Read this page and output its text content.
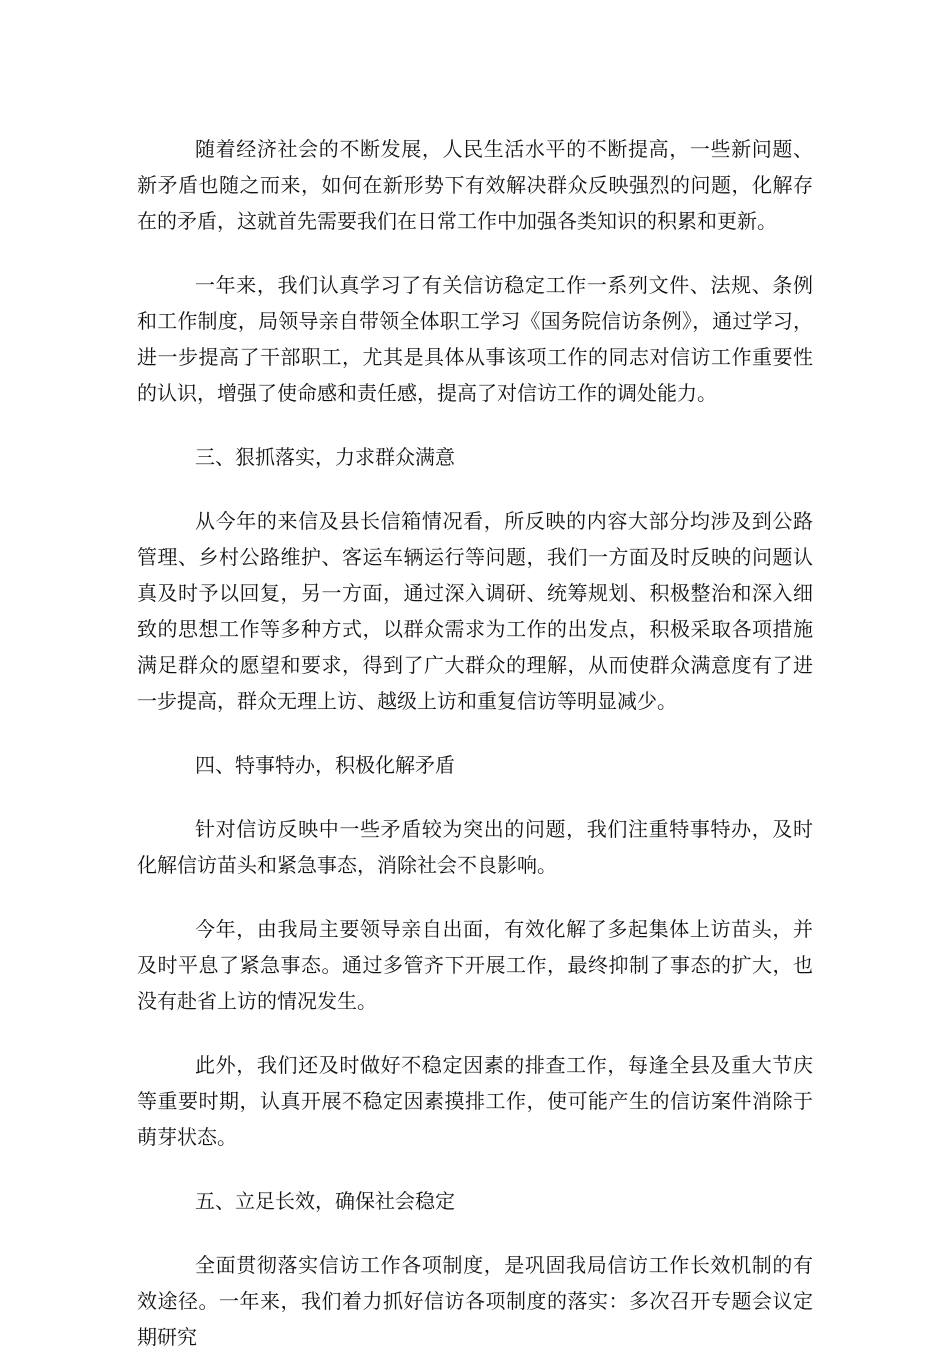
随着经济社会的不断发展，人民生活水平的不断提高，一些新问题、新矛盾也随之而来，如何在新形势下有效解决群众反映强烈的问题，化解存在的矛盾，这就首先需要我们在日常工作中加强各类知识的积累和更新。

一年来，我们认真学习了有关信访稳定工作一系列文件、法规、条例和工作制度，局领导亲自带领全体职工学习《国务院信访条例》，通过学习，进一步提高了干部职工，尤其是具体从事该项工作的同志对信访工作重要性的认识，增强了使命感和责任感，提高了对信访工作的调处能力。

三、狠抓落实，力求群众满意

从今年的来信及县长信箱情况看，所反映的内容大部分均涉及到公路管理、乡村公路维护、客运车辆运行等问题，我们一方面及时反映的问题认真及时予以回复，另一方面，通过深入调研、统筹规划、积极整治和深入细致的思想工作等多种方式，以群众需求为工作的出发点，积极采取各项措施满足群众的愿望和要求，得到了广大群众的理解，从而使群众满意度有了进一步提高，群众无理上访、越级上访和重复信访等明显减少。

四、特事特办，积极化解矛盾

针对信访反映中一些矛盾较为突出的问题，我们注重特事特办，及时化解信访苗头和紧急事态，消除社会不良影响。

今年，由我局主要领导亲自出面，有效化解了多起集体上访苗头，并及时平息了紧急事态。通过多管齐下开展工作，最终抑制了事态的扩大，也没有赴省上访的情况发生。

此外，我们还及时做好不稳定因素的排查工作，每逢全县及重大节庆等重要时期，认真开展不稳定因素摸排工作，使可能产生的信访案件消除于萌芽状态。

五、立足长效，确保社会稳定

全面贯彻落实信访工作各项制度，是巩固我局信访工作长效机制的有效途径。一年来，我们着力抓好信访各项制度的落实：多次召开专题会议定期研究
